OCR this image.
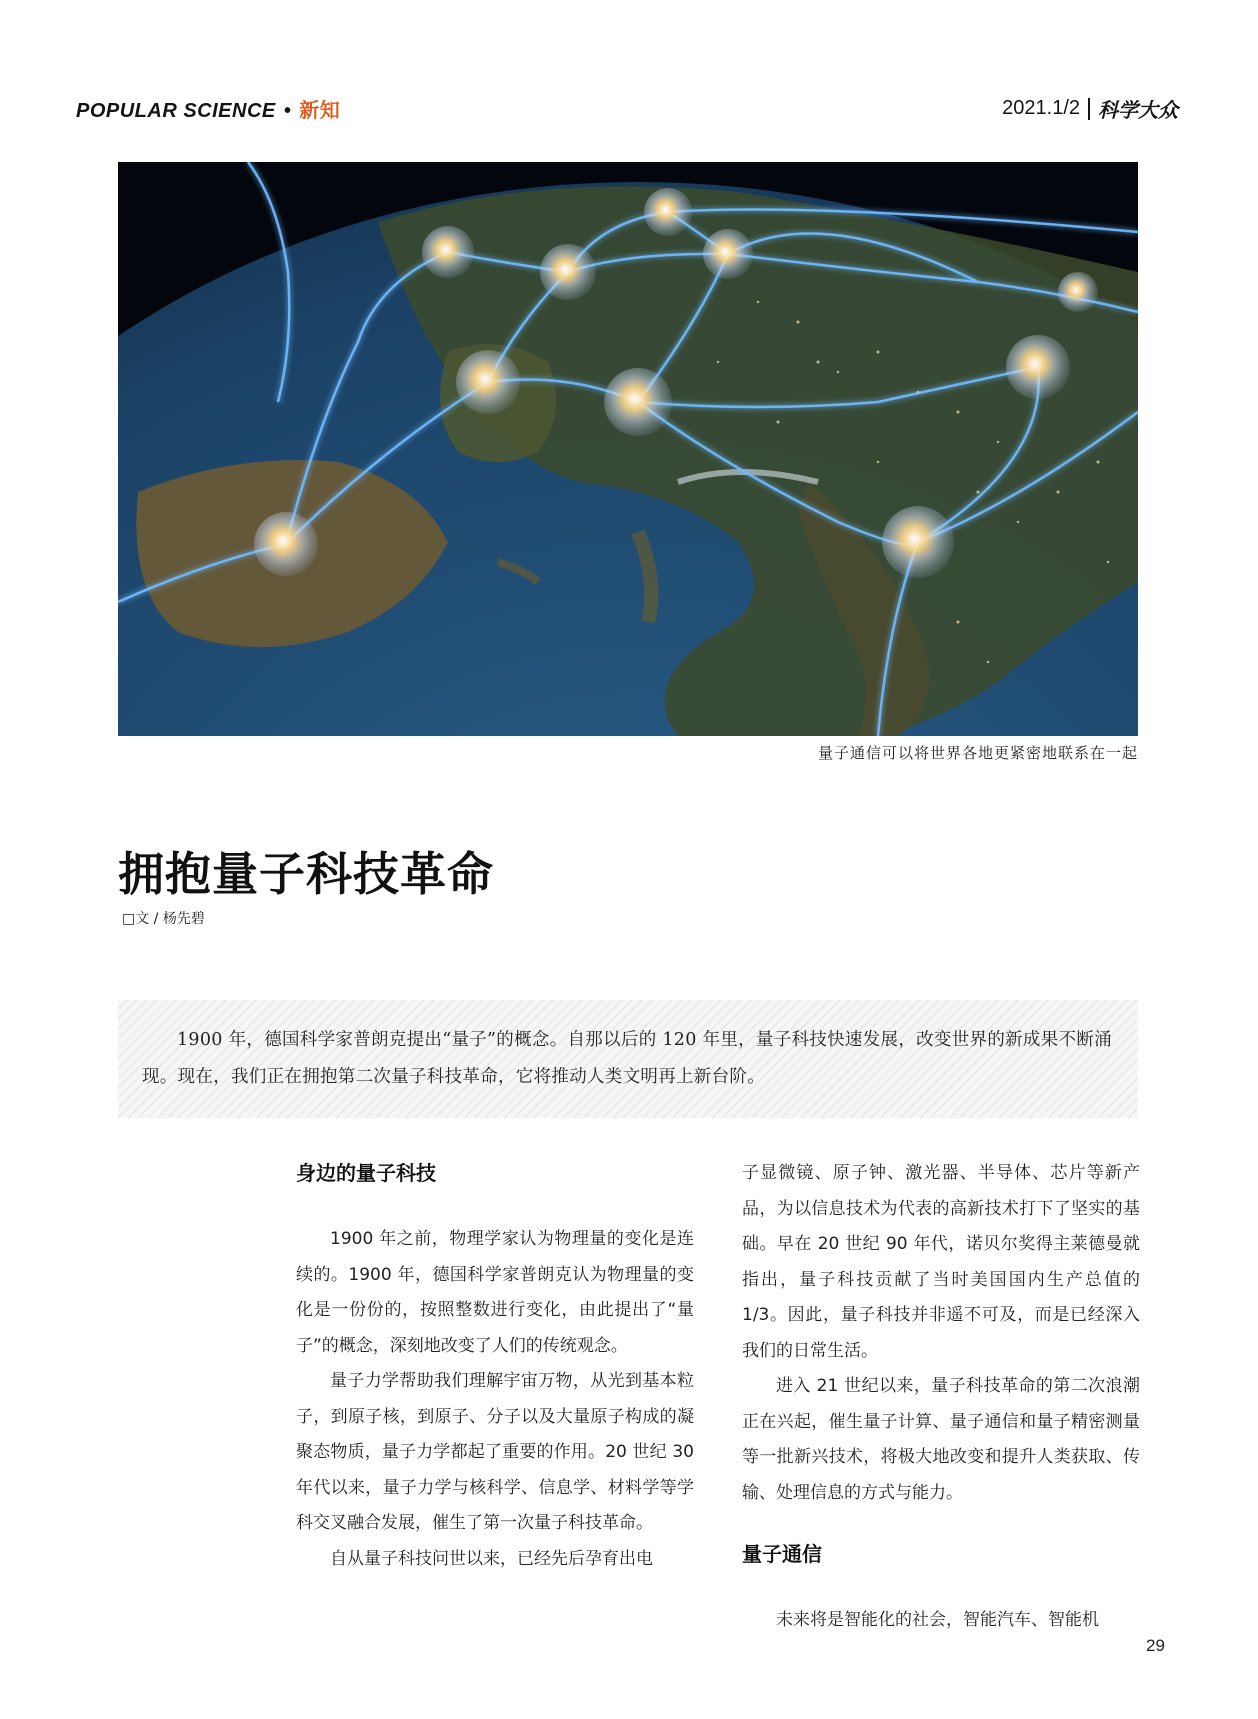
POPULAR SCIENCE • 新知	2021.1/2 科学大众
量子通信可以将世界各地更紧密地联系在一起
拥抱量子科技革命
□文 / 杨先碧
1900 年，德国科学家普朗克提出“量子”的概念。自那以后的 120 年里，量子科技快速发展，改变世界的新成果不断涌现。现在，我们正在拥抱第二次量子科技革命，它将推动人类文明再上新台阶。
身边的量子科技

1900 年之前，物理学家认为物理量的变化是连续的。1900 年，德国科学家普朗克认为物理量的变化是一份份的，按照整数进行变化，由此提出了“量子”的概念，深刻地改变了人们的传统观念。

量子力学帮助我们理解宇宙万物，从光到基本粒子，到原子核，到原子、分子以及大量原子构成的凝聚态物质，量子力学都起了重要的作用。20 世纪 30 年代以来，量子力学与核科学、信息学、材料学等学科交叉融合发展，催生了第一次量子科技革命。

自从量子科技问世以来，已经先后孕育出电

子显微镜、原子钟、激光器、半导体、芯片等新产品，为以信息技术为代表的高新技术打下了坚实的基础。早在 20 世纪 90 年代，诺贝尔奖得主莱德曼就指出，量子科技贡献了当时美国国内生产总值的 1/3。因此，量子科技并非遥不可及，而是已经深入我们的日常生活。

进入 21 世纪以来，量子科技革命的第二次浪潮正在兴起，催生量子计算、量子通信和量子精密测量等一批新兴技术，将极大地改变和提升人类获取、传输、处理信息的方式与能力。

量子通信

未来将是智能化的社会，智能汽车、智能机

29
